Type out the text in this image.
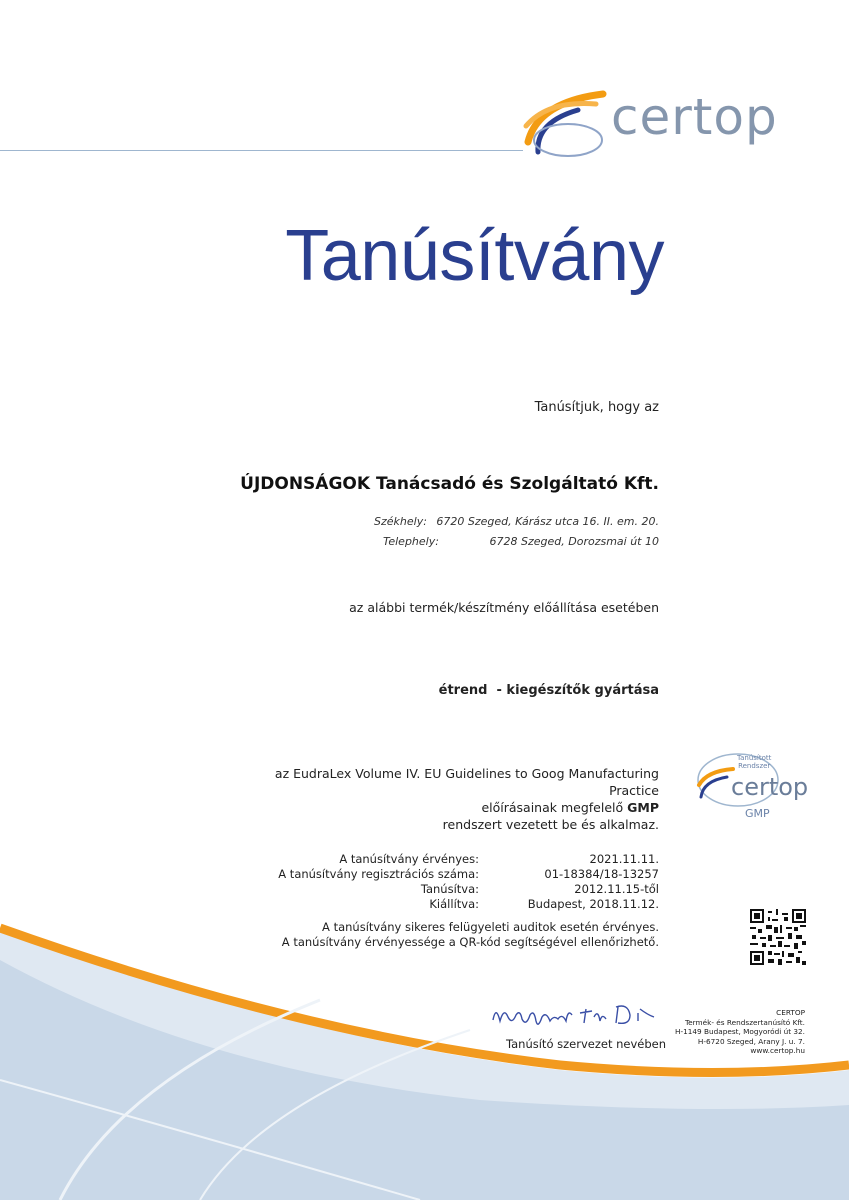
certop
Tanúsítvány
Tanúsítjuk, hogy az
ÚJDONSÁGOK Tanácsadó és Szolgáltató Kft.
Székhely: 6720 Szeged, Kárász utca 16. II. em. 20.
Telephely:	6728 Szeged, Dorozsmai út 10
az alábbi termék/készítmény előállítása esetében
étrend  - kiegészítők gyártása
az EudraLex Volume IV. EU Guidelines to Goog Manufacturing Practice
előírásainak megfelelő GMP
rendszert vezetett be és alkalmaz.
Tanúsított
Rendszer
certop
GMP
A tanúsítvány érvényes:
A tanúsítvány regisztrációs száma:
Tanúsítva:
Kiállítva:
2021.11.11.
01-18384/18-13257
2012.11.15-től
Budapest, 2018.11.12.
A tanúsítvány sikeres felügyeleti auditok esetén érvényes.
A tanúsítvány érvényessége a QR-kód segítségével ellenőrizhető.
Tanúsító szervezet nevében
CERTOP
Termék- és Rendszertanúsító Kft.
H-1149 Budapest, Mogyoródi út 32.
H-6720 Szeged, Arany J. u. 7.
www.certop.hu
